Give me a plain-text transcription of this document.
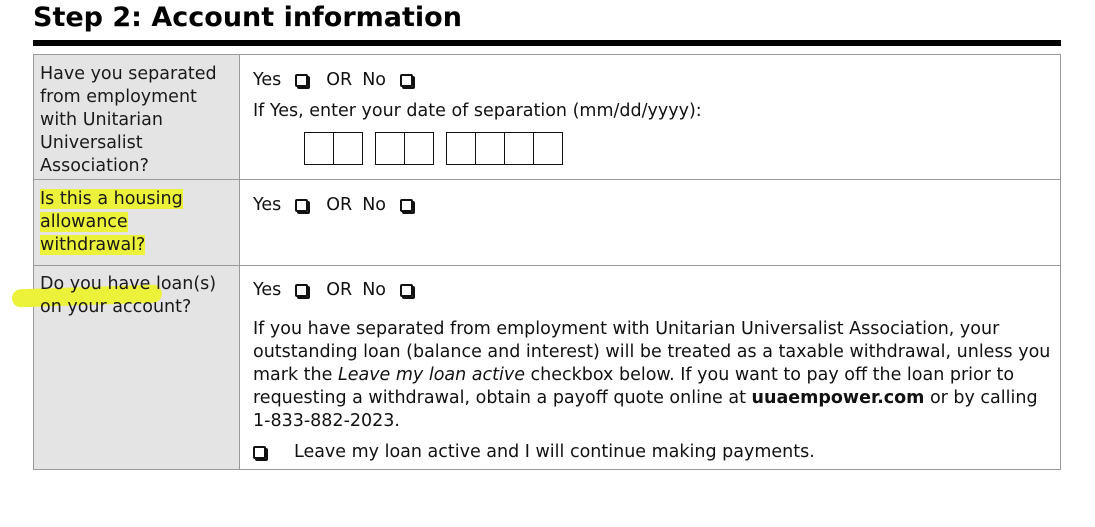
Step 2: Account information
Have you separated from employment with Unitarian Universalist Association?
Yes	OR No
If Yes, enter your date of separation (mm/dd/yyyy):
Is this a housing allowance withdrawal?
Yes	OR No
Do you have loan(s) on your account?
Yes	OR No
If you have separated from employment with Unitarian Universalist Association, your outstanding loan (balance and interest) will be treated as a taxable withdrawal, unless you mark the Leave my loan active checkbox below. If you want to pay off the loan prior to requesting a withdrawal, obtain a payoff quote online at uuaempower.com or by calling 1-833-882-2023.
Leave my loan active and I will continue making payments.
